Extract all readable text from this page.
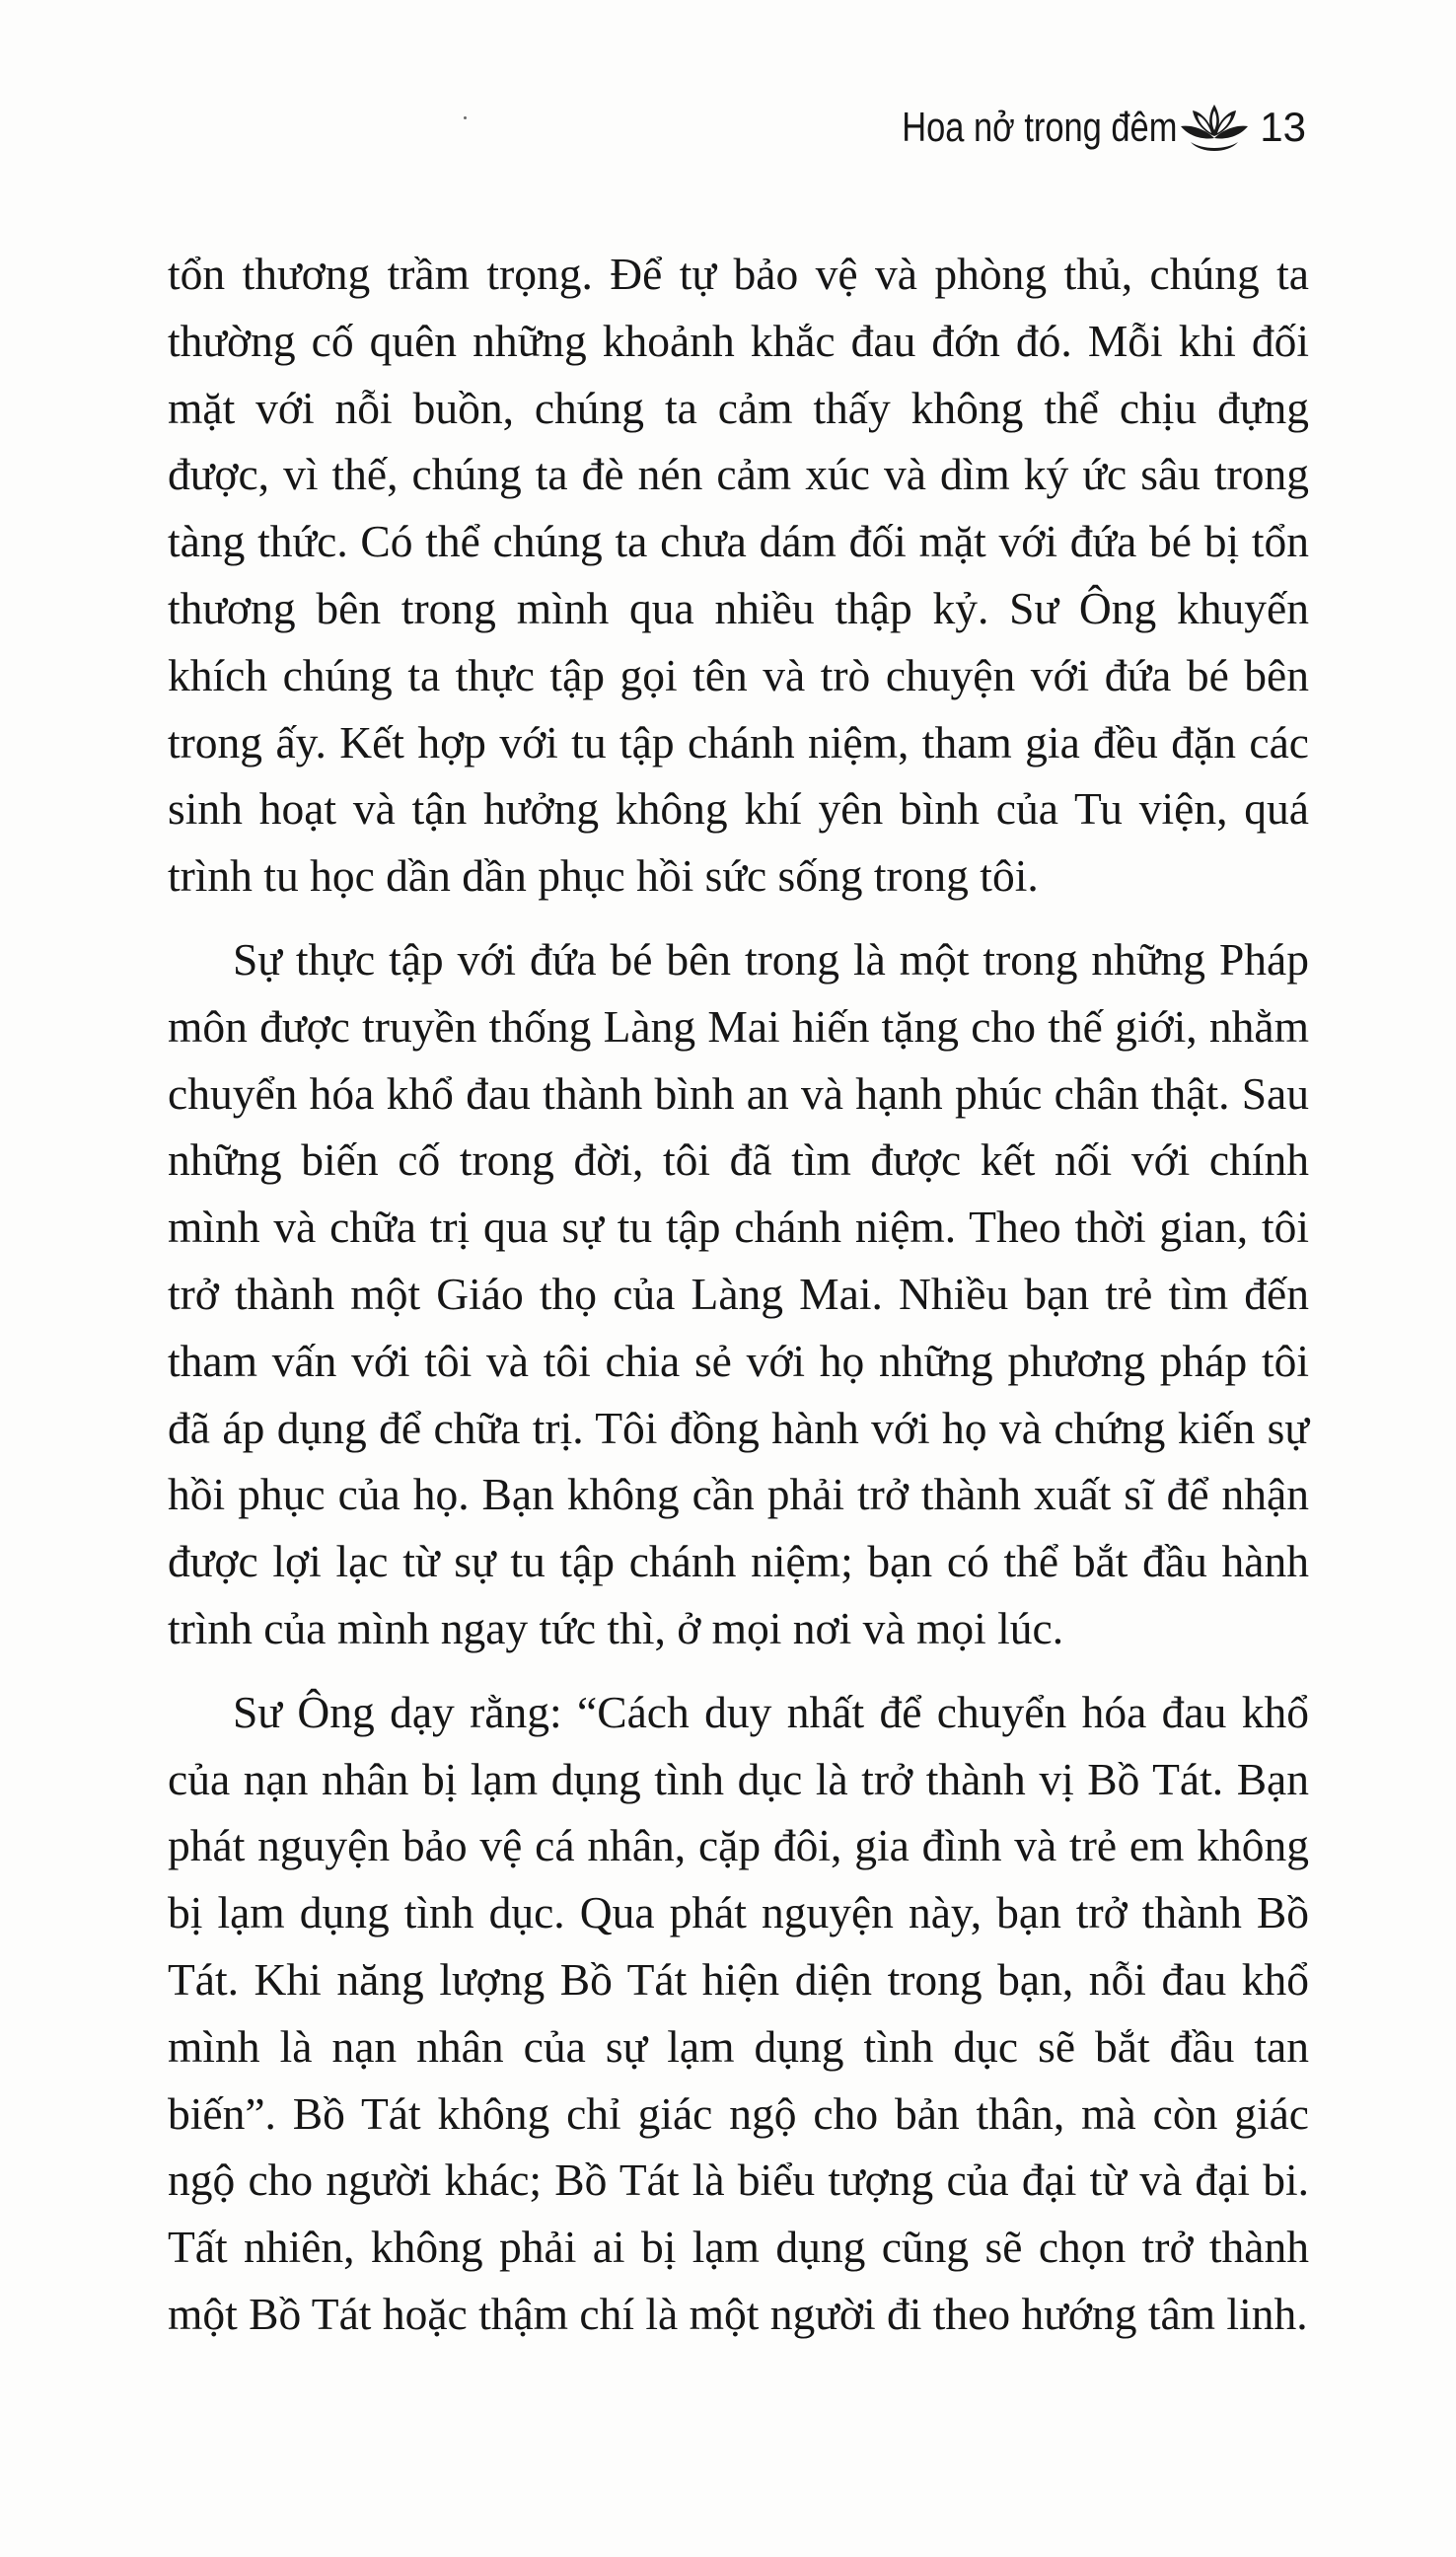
Hoa nở trong đêm 13

tổn thương trầm trọng. Để tự bảo vệ và phòng thủ, chúng ta thường cố quên những khoảnh khắc đau đớn đó. Mỗi khi đối mặt với nỗi buồn, chúng ta cảm thấy không thể chịu đựng được, vì thế, chúng ta đè nén cảm xúc và dìm ký ức sâu trong tàng thức. Có thể chúng ta chưa dám đối mặt với đứa bé bị tổn thương bên trong mình qua nhiều thập kỷ. Sư Ông khuyến khích chúng ta thực tập gọi tên và trò chuyện với đứa bé bên trong ấy. Kết hợp với tu tập chánh niệm, tham gia đều đặn các sinh hoạt và tận hưởng không khí yên bình của Tu viện, quá trình tu học dần dần phục hồi sức sống trong tôi.

Sự thực tập với đứa bé bên trong là một trong những Pháp môn được truyền thống Làng Mai hiến tặng cho thế giới, nhằm chuyển hóa khổ đau thành bình an và hạnh phúc chân thật. Sau những biến cố trong đời, tôi đã tìm được kết nối với chính mình và chữa trị qua sự tu tập chánh niệm. Theo thời gian, tôi trở thành một Giáo thọ của Làng Mai. Nhiều bạn trẻ tìm đến tham vấn với tôi và tôi chia sẻ với họ những phương pháp tôi đã áp dụng để chữa trị. Tôi đồng hành với họ và chứng kiến sự hồi phục của họ. Bạn không cần phải trở thành xuất sĩ để nhận được lợi lạc từ sự tu tập chánh niệm; bạn có thể bắt đầu hành trình của mình ngay tức thì, ở mọi nơi và mọi lúc.

Sư Ông dạy rằng: “Cách duy nhất để chuyển hóa đau khổ của nạn nhân bị lạm dụng tình dục là trở thành vị Bồ Tát. Bạn phát nguyện bảo vệ cá nhân, cặp đôi, gia đình và trẻ em không bị lạm dụng tình dục. Qua phát nguyện này, bạn trở thành Bồ Tát. Khi năng lượng Bồ Tát hiện diện trong bạn, nỗi đau khổ mình là nạn nhân của sự lạm dụng tình dục sẽ bắt đầu tan biến”. Bồ Tát không chỉ giác ngộ cho bản thân, mà còn giác ngộ cho người khác; Bồ Tát là biểu tượng của đại từ và đại bi. Tất nhiên, không phải ai bị lạm dụng cũng sẽ chọn trở thành một Bồ Tát hoặc thậm chí là một người đi theo hướng tâm linh.
